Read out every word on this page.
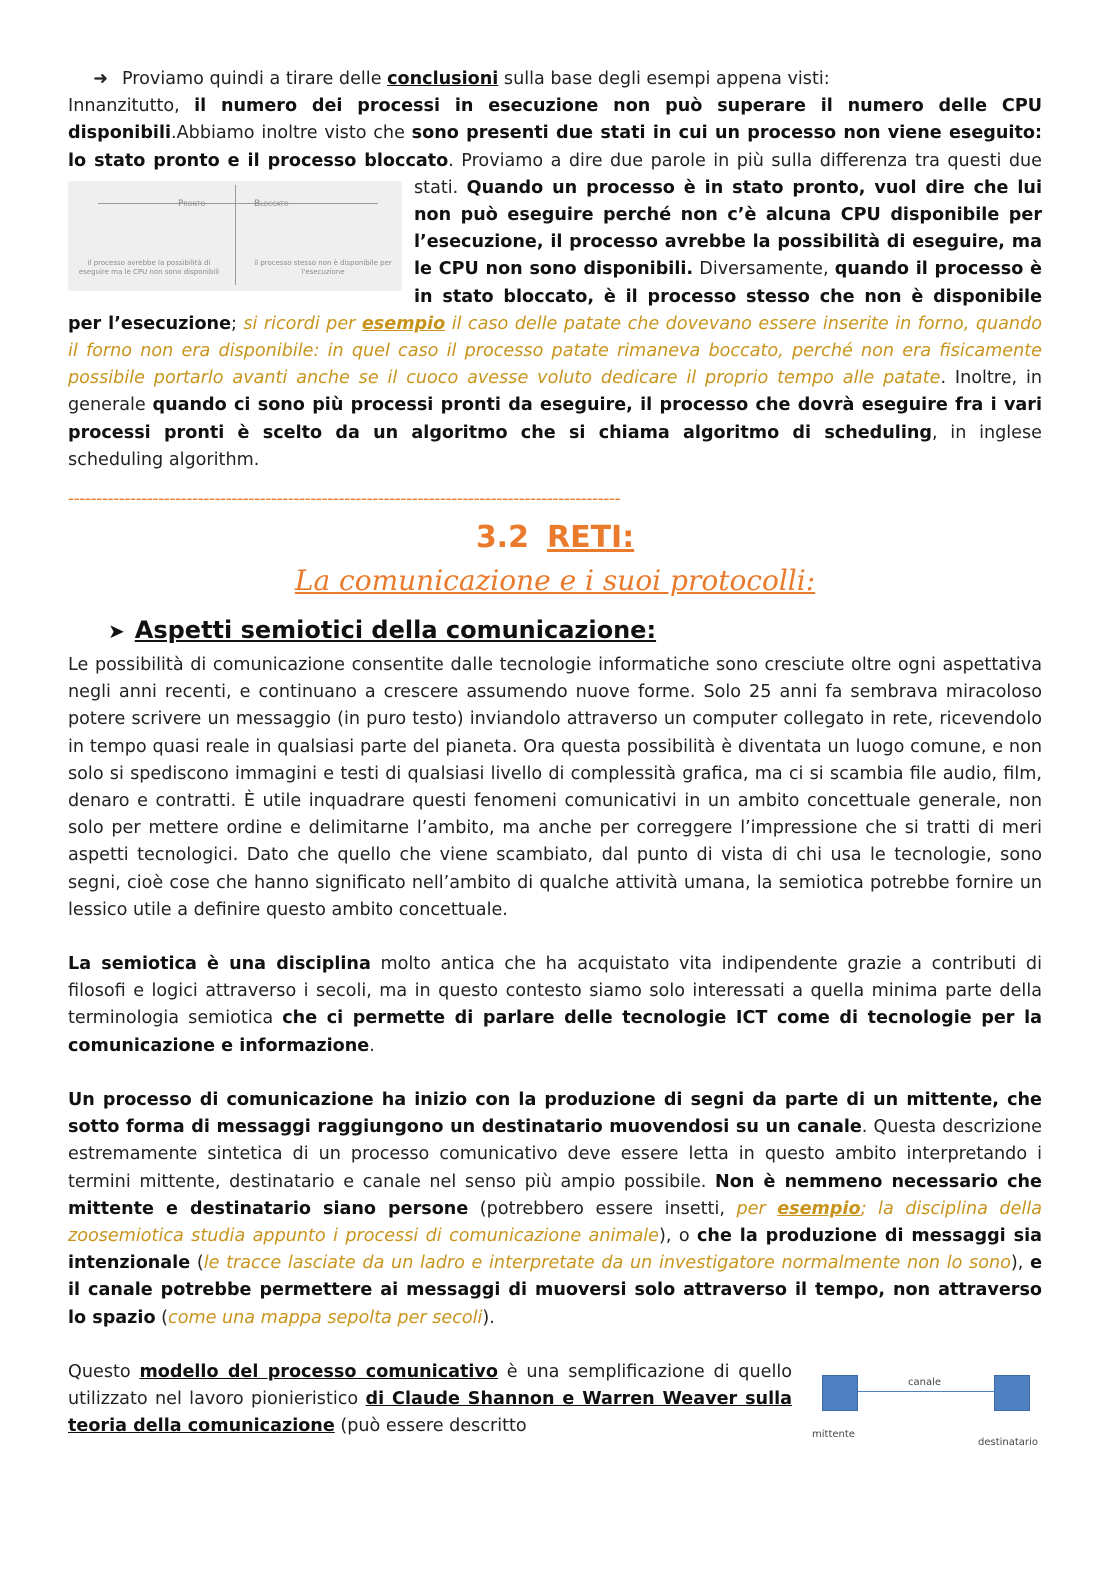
➜ Proviamo quindi a tirare delle conclusioni sulla base degli esempi appena visti:
Innanzitutto, il numero dei processi in esecuzione non può superare il numero delle CPU disponibili.Abbiamo inoltre visto che sono presenti due stati in cui un processo non viene eseguito: lo stato pronto e il processo bloccato. Proviamo a dire due parole in più sulla differenza tra questi due stati.
Pronto	Bloccato
il processo avrebbe la possibilità di eseguire ma le CPU non sono disponibili
il processo stesso non è disponibile per l'esecuzione
Quando un processo è in stato pronto, vuol dire che lui non può eseguire perché non c’è alcuna CPU disponibile per l’esecuzione, il processo avrebbe la possibilità di eseguire, ma le CPU non sono disponibili. Diversamente, quando il processo è in stato bloccato, è il processo stesso che non è disponibile per l’esecuzione; si ricordi per esempio il caso delle patate che dovevano essere inserite in forno, quando il forno non era disponibile: in quel caso il processo patate rimaneva boccato, perché non era fisicamente possibile portarlo avanti anche se il cuoco avesse voluto dedicare il proprio tempo alle patate. Inoltre, in generale quando ci sono più processi pronti da eseguire, il processo che dovrà eseguire fra i vari processi pronti è scelto da un algoritmo che si chiama algoritmo di scheduling, in inglese scheduling algorithm.

--------------------------------------------------------------------------------------------------
3.2 RETI:
La comunicazione e i suoi protocolli:
➤ Aspetti semiotici della comunicazione:

Le possibilità di comunicazione consentite dalle tecnologie informatiche sono cresciute oltre ogni aspettativa negli anni recenti, e continuano a crescere assumendo nuove forme. Solo 25 anni fa sembrava miracoloso potere scrivere un messaggio (in puro testo) inviandolo attraverso un computer collegato in rete, ricevendolo in tempo quasi reale in qualsiasi parte del pianeta. Ora questa possibilità è diventata un luogo comune, e non solo si spediscono immagini e testi di qualsiasi livello di complessità grafica, ma ci si scambia file audio, film, denaro e contratti. È utile inquadrare questi fenomeni comunicativi in un ambito concettuale generale, non solo per mettere ordine e delimitarne l’ambito, ma anche per correggere l’impressione che si tratti di meri aspetti tecnologici. Dato che quello che viene scambiato, dal punto di vista di chi usa le tecnologie, sono segni, cioè cose che hanno significato nell’ambito di qualche attività umana, la semiotica potrebbe fornire un lessico utile a definire questo ambito concettuale.

La semiotica è una disciplina molto antica che ha acquistato vita indipendente grazie a contributi di filosofi e logici attraverso i secoli, ma in questo contesto siamo solo interessati a quella minima parte della terminologia semiotica che ci permette di parlare delle tecnologie ICT come di tecnologie per la comunicazione e informazione.

Un processo di comunicazione ha inizio con la produzione di segni da parte di un mittente, che sotto forma di messaggi raggiungono un destinatario muovendosi su un canale. Questa descrizione estremamente sintetica di un processo comunicativo deve essere letta in questo ambito interpretando i termini mittente, destinatario e canale nel senso più ampio possibile. Non è nemmeno necessario che mittente e destinatario siano persone (potrebbero essere insetti, per esempio; la disciplina della zoosemiotica studia appunto i processi di comunicazione animale), o che la produzione di messaggi sia intenzionale (le tracce lasciate da un ladro e interpretate da un investigatore normalmente non lo sono), e il canale potrebbe permettere ai messaggi di muoversi solo attraverso il tempo, non attraverso lo spazio (come una mappa sepolta per secoli).

canale
mittente
destinatario
Questo modello del processo comunicativo è una semplificazione di quello utilizzato nel lavoro pionieristico di Claude Shannon e Warren Weaver sulla teoria della comunicazione (può essere descritto
